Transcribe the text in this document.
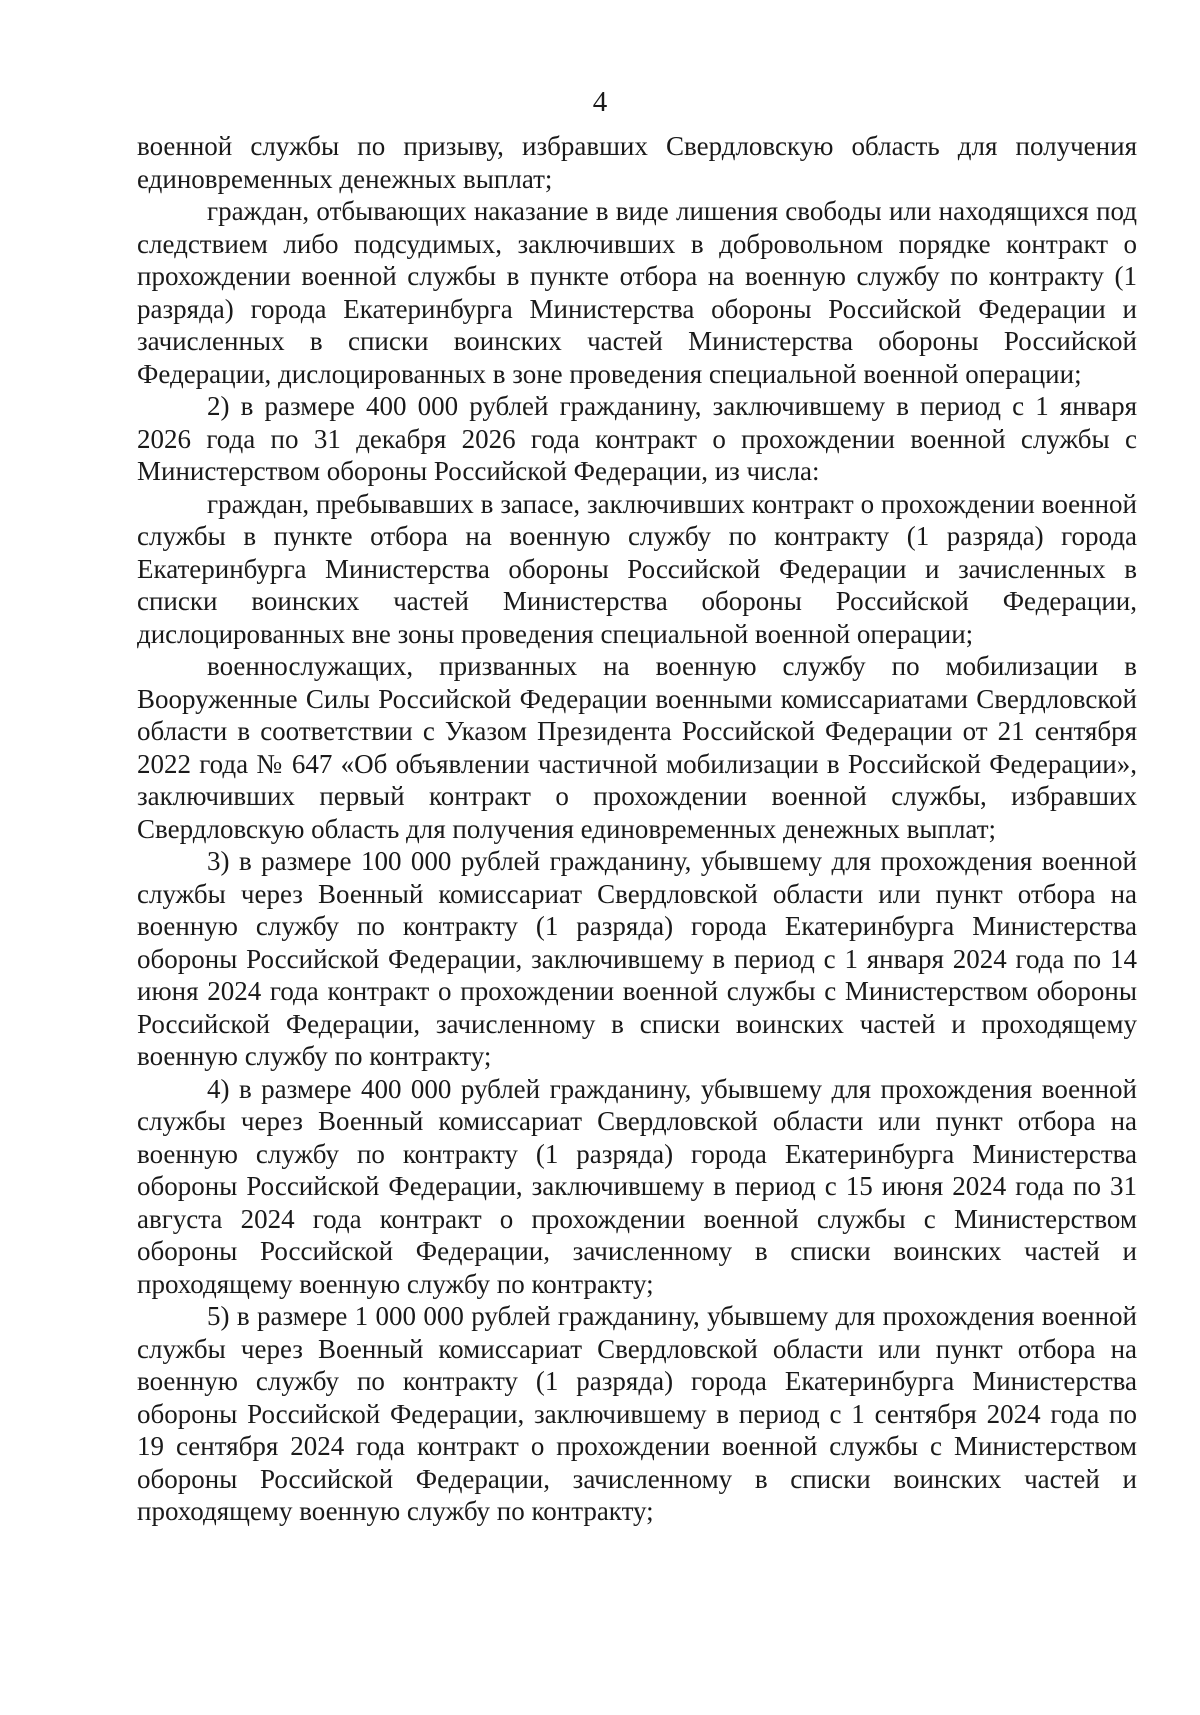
4

военной службы по призыву, избравших Свердловскую область для получения единовременных денежных выплат;

граждан, отбывающих наказание в виде лишения свободы или находящихся под следствием либо подсудимых, заключивших в добровольном порядке контракт о прохождении военной службы в пункте отбора на военную службу по контракту (1 разряда) города Екатеринбурга Министерства обороны Российской Федерации и зачисленных в списки воинских частей Министерства обороны Российской Федерации, дислоцированных в зоне проведения специальной военной операции;

2) в размере 400 000 рублей гражданину, заключившему в период с 1 января 2026 года по 31 декабря 2026 года контракт о прохождении военной службы с Министерством обороны Российской Федерации, из числа:

граждан, пребывавших в запасе, заключивших контракт о прохождении военной службы в пункте отбора на военную службу по контракту (1 разряда) города Екатеринбурга Министерства обороны Российской Федерации и зачисленных в списки воинских частей Министерства обороны Российской Федерации, дислоцированных вне зоны проведения специальной военной операции;

военнослужащих, призванных на военную службу по мобилизации в Вооруженные Силы Российской Федерации военными комиссариатами Свердловской области в соответствии с Указом Президента Российской Федерации от 21 сентября 2022 года № 647 «Об объявлении частичной мобилизации в Российской Федерации», заключивших первый контракт о прохождении военной службы, избравших Свердловскую область для получения единовременных денежных выплат;

3) в размере 100 000 рублей гражданину, убывшему для прохождения военной службы через Военный комиссариат Свердловской области или пункт отбора на военную службу по контракту (1 разряда) города Екатеринбурга Министерства обороны Российской Федерации, заключившему в период с 1 января 2024 года по 14 июня 2024 года контракт о прохождении военной службы с Министерством обороны Российской Федерации, зачисленному в списки воинских частей и проходящему военную службу по контракту;

4) в размере 400 000 рублей гражданину, убывшему для прохождения военной службы через Военный комиссариат Свердловской области или пункт отбора на военную службу по контракту (1 разряда) города Екатеринбурга Министерства обороны Российской Федерации, заключившему в период с 15 июня 2024 года по 31 августа 2024 года контракт о прохождении военной службы с Министерством обороны Российской Федерации, зачисленному в списки воинских частей и проходящему военную службу по контракту;

5) в размере 1 000 000 рублей гражданину, убывшему для прохождения военной службы через Военный комиссариат Свердловской области или пункт отбора на военную службу по контракту (1 разряда) города Екатеринбурга Министерства обороны Российской Федерации, заключившему в период с 1 сентября 2024 года по 19 сентября 2024 года контракт о прохождении военной службы с Министерством обороны Российской Федерации, зачисленному в списки воинских частей и проходящему военную службу по контракту;
